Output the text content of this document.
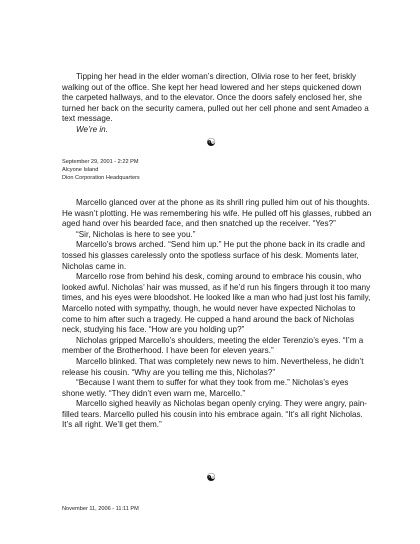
Tipping her head in the elder woman’s direction, Olivia rose to her feet, briskly walking out of the office. She kept her head lowered and her steps quickened down the carpeted hallways, and to the elevator. Once the doors safely enclosed her, she turned her back on the security camera, pulled out her cell phone and sent Amadeo a text message.

We’re in.

☯
September 29, 2001 - 2:22 PM
Alcyone Island
Dion Corporation Headquarters

Marcello glanced over at the phone as its shrill ring pulled him out of his thoughts. He wasn’t plotting. He was remembering his wife. He pulled off his glasses, rubbed an aged hand over his bearded face, and then snatched up the receiver. “Yes?”

“Sir, Nicholas is here to see you.”

Marcello’s brows arched. “Send him up.” He put the phone back in its cradle and tossed his glasses carelessly onto the spotless surface of his desk. Moments later, Nicholas came in.

Marcello rose from behind his desk, coming around to embrace his cousin, who looked awful. Nicholas’ hair was mussed, as if he’d run his fingers through it too many times, and his eyes were bloodshot. He looked like a man who had just lost his family, Marcello noted with sympathy, though, he would never have expected Nicholas to come to him after such a tragedy. He cupped a hand around the back of Nicholas neck, studying his face. “How are you holding up?”

Nicholas gripped Marcello’s shoulders, meeting the elder Terenzio’s eyes. “I’m a member of the Brotherhood. I have been for eleven years.”

Marcello blinked. That was completely new news to him. Nevertheless, he didn’t release his cousin. “Why are you telling me this, Nicholas?”

“Because I want them to suffer for what they took from me.” Nicholas’s eyes shone wetly. “They didn’t even warn me, Marcello.”

Marcello sighed heavily as Nicholas began openly crying. They were angry, pain-filled tears. Marcello pulled his cousin into his embrace again. “It’s all right Nicholas. It’s all right. We’ll get them.”

☯
November 11, 2006 - 11:11 PM
